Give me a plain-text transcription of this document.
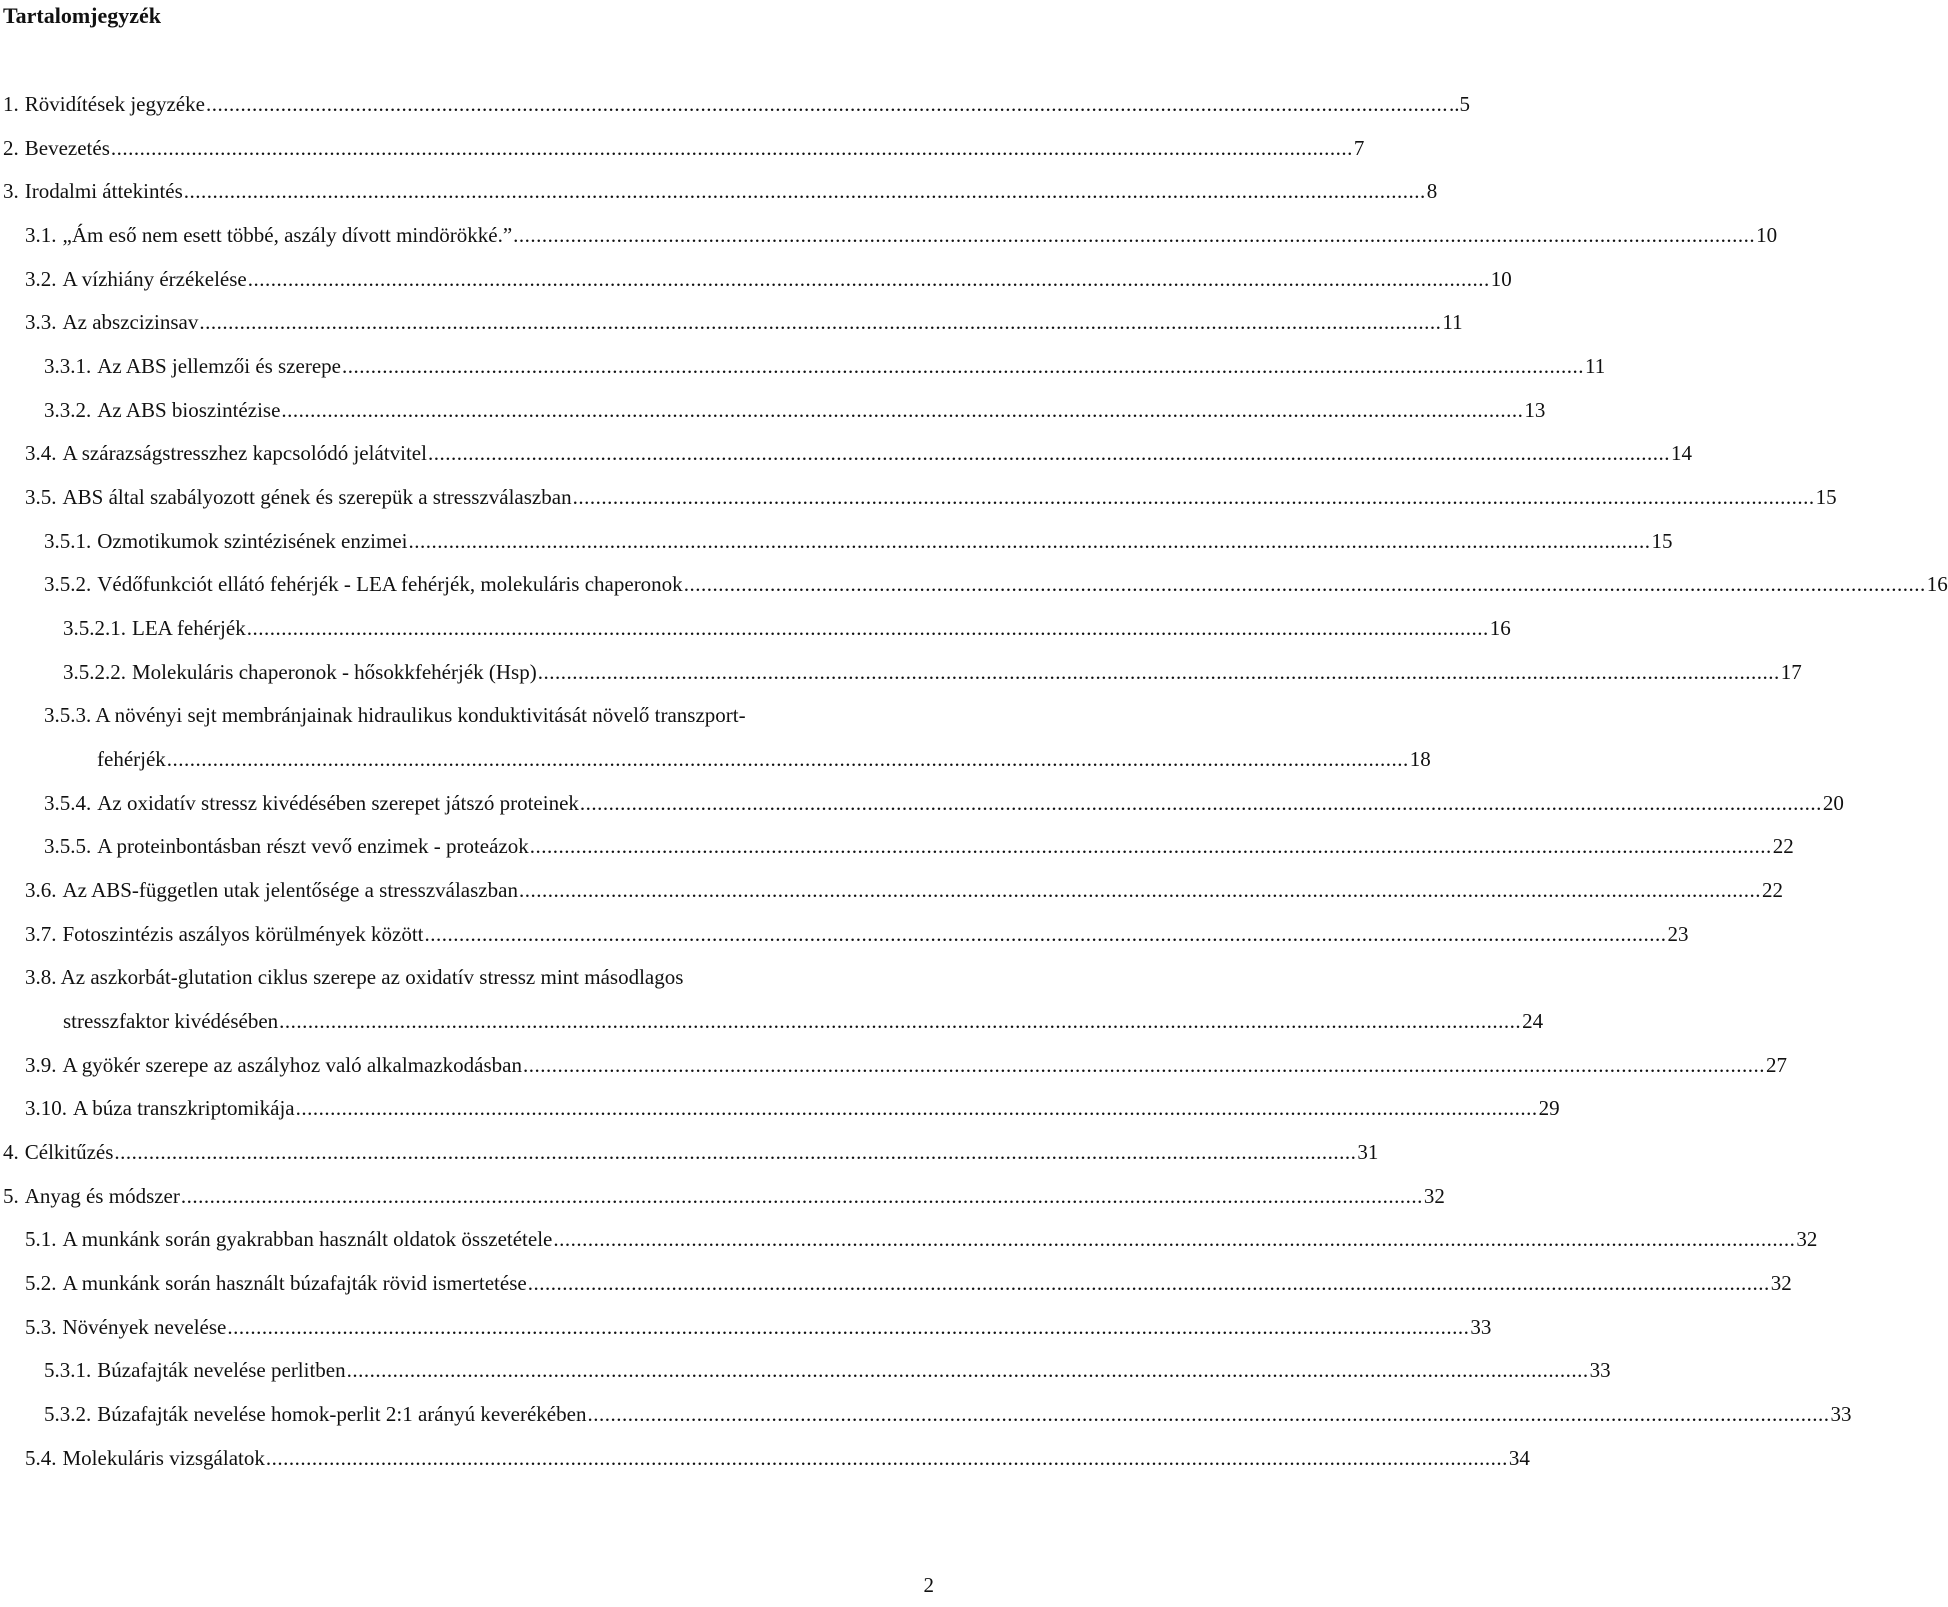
Tartalomjegyzék
1. Rövidítések jegyzéke ........................................................................................................................................................................................................................ ..5
2. Bevezetés ........................................................................................................................................................................................................................ 7
3. Irodalmi áttekintés ........................................................................................................................................................................................................................ 8
3.1. „Ám eső nem esett többé, aszály dívott mindörökké.” ........................................................................................................................................................................................................................ 10
3.2. A vízhiány érzékelése ........................................................................................................................................................................................................................ 10
3.3. Az abszcizinsav ........................................................................................................................................................................................................................ 11
3.3.1. Az ABS jellemzői és szerepe ........................................................................................................................................................................................................................ 11
3.3.2. Az ABS bioszintézise ........................................................................................................................................................................................................................ 13
3.4. A szárazságstresszhez kapcsolódó jelátvitel ........................................................................................................................................................................................................................ 14
3.5. ABS által szabályozott gének és szerepük a stresszválaszban ........................................................................................................................................................................................................................ 15
3.5.1. Ozmotikumok szintézisének enzimei ........................................................................................................................................................................................................................ 15
3.5.2. Védőfunkciót ellátó fehérjék - LEA fehérjék, molekuláris chaperonok ........................................................................................................................................................................................................................ 16
3.5.2.1. LEA fehérjék ........................................................................................................................................................................................................................ 16
3.5.2.2. Molekuláris chaperonok - hősokkfehérjék (Hsp) ........................................................................................................................................................................................................................ 17
3.5.3. A növényi sejt membránjainak hidraulikus konduktivitását növelő transzport-
fehérjék ........................................................................................................................................................................................................................ 18
3.5.4. Az oxidatív stressz kivédésében szerepet játszó proteinek ........................................................................................................................................................................................................................ 20
3.5.5. A proteinbontásban részt vevő enzimek - proteázok ........................................................................................................................................................................................................................ 22
3.6. Az ABS-független utak jelentősége a stresszválaszban ........................................................................................................................................................................................................................ 22
3.7. Fotoszintézis aszályos körülmények között ........................................................................................................................................................................................................................ 23
3.8. Az aszkorbát-glutation ciklus szerepe az oxidatív stressz mint másodlagos
stresszfaktor kivédésében ........................................................................................................................................................................................................................ 24
3.9. A gyökér szerepe az aszályhoz való alkalmazkodásban ........................................................................................................................................................................................................................ 27
3.10. A búza transzkriptomikája ........................................................................................................................................................................................................................ 29
4. Célkitűzés ........................................................................................................................................................................................................................ 31
5. Anyag és módszer ........................................................................................................................................................................................................................ 32
5.1. A munkánk során gyakrabban használt oldatok összetétele ........................................................................................................................................................................................................................ 32
5.2. A munkánk során használt búzafajták rövid ismertetése ........................................................................................................................................................................................................................ 32
5.3. Növények nevelése ........................................................................................................................................................................................................................ 33
5.3.1. Búzafajták nevelése perlitben ........................................................................................................................................................................................................................ 33
5.3.2. Búzafajták nevelése homok-perlit 2:1 arányú keverékében ........................................................................................................................................................................................................................ 33
5.4. Molekuláris vizsgálatok ........................................................................................................................................................................................................................ 34
2
